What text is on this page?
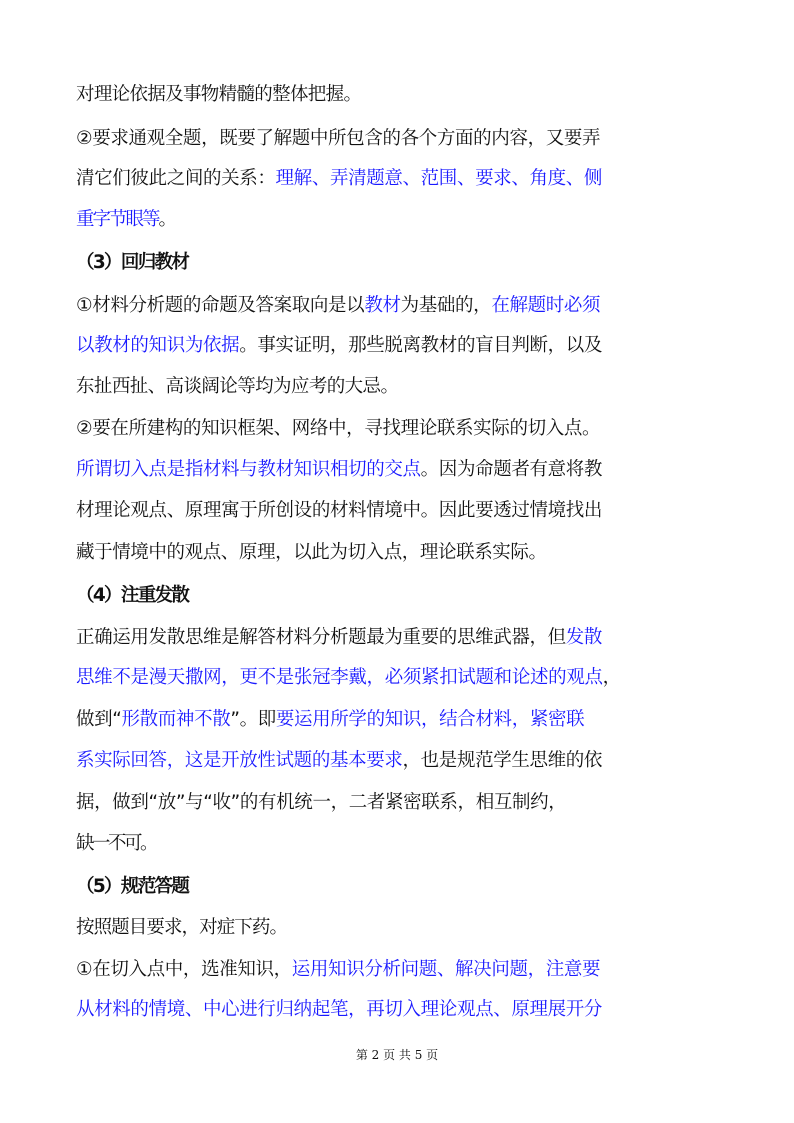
对理论依据及事物精髓的整体把握。

②要求通观全题，既要了解题中所包含的各个方面的内容，又要弄

清它们彼此之间的关系：理解、弄清题意、范围、要求、角度、侧

重字节眼等。

（3）回归教材

①材料分析题的命题及答案取向是以教材为基础的，在解题时必须

以教材的知识为依据。事实证明，那些脱离教材的盲目判断，以及

东扯西扯、高谈阔论等均为应考的大忌。

②要在所建构的知识框架、网络中，寻找理论联系实际的切入点。

所谓切入点是指材料与教材知识相切的交点。因为命题者有意将教

材理论观点、原理寓于所创设的材料情境中。因此要透过情境找出

藏于情境中的观点、原理，以此为切入点，理论联系实际。

（4）注重发散

正确运用发散思维是解答材料分析题最为重要的思维武器，但发散

思维不是漫天撒网，更不是张冠李戴，必须紧扣试题和论述的观点，

做到“形散而神不散”。即要运用所学的知识，结合材料，紧密联

系实际回答，这是开放性试题的基本要求，也是规范学生思维的依

据，做到“放”与“收”的有机统一，二者紧密联系，相互制约，

缺一不可。

（5）规范答题

按照题目要求，对症下药。

①在切入点中，选准知识，运用知识分析问题、解决问题，注意要

从材料的情境、中心进行归纳起笔，再切入理论观点、原理展开分

第 2 页 共 5 页
